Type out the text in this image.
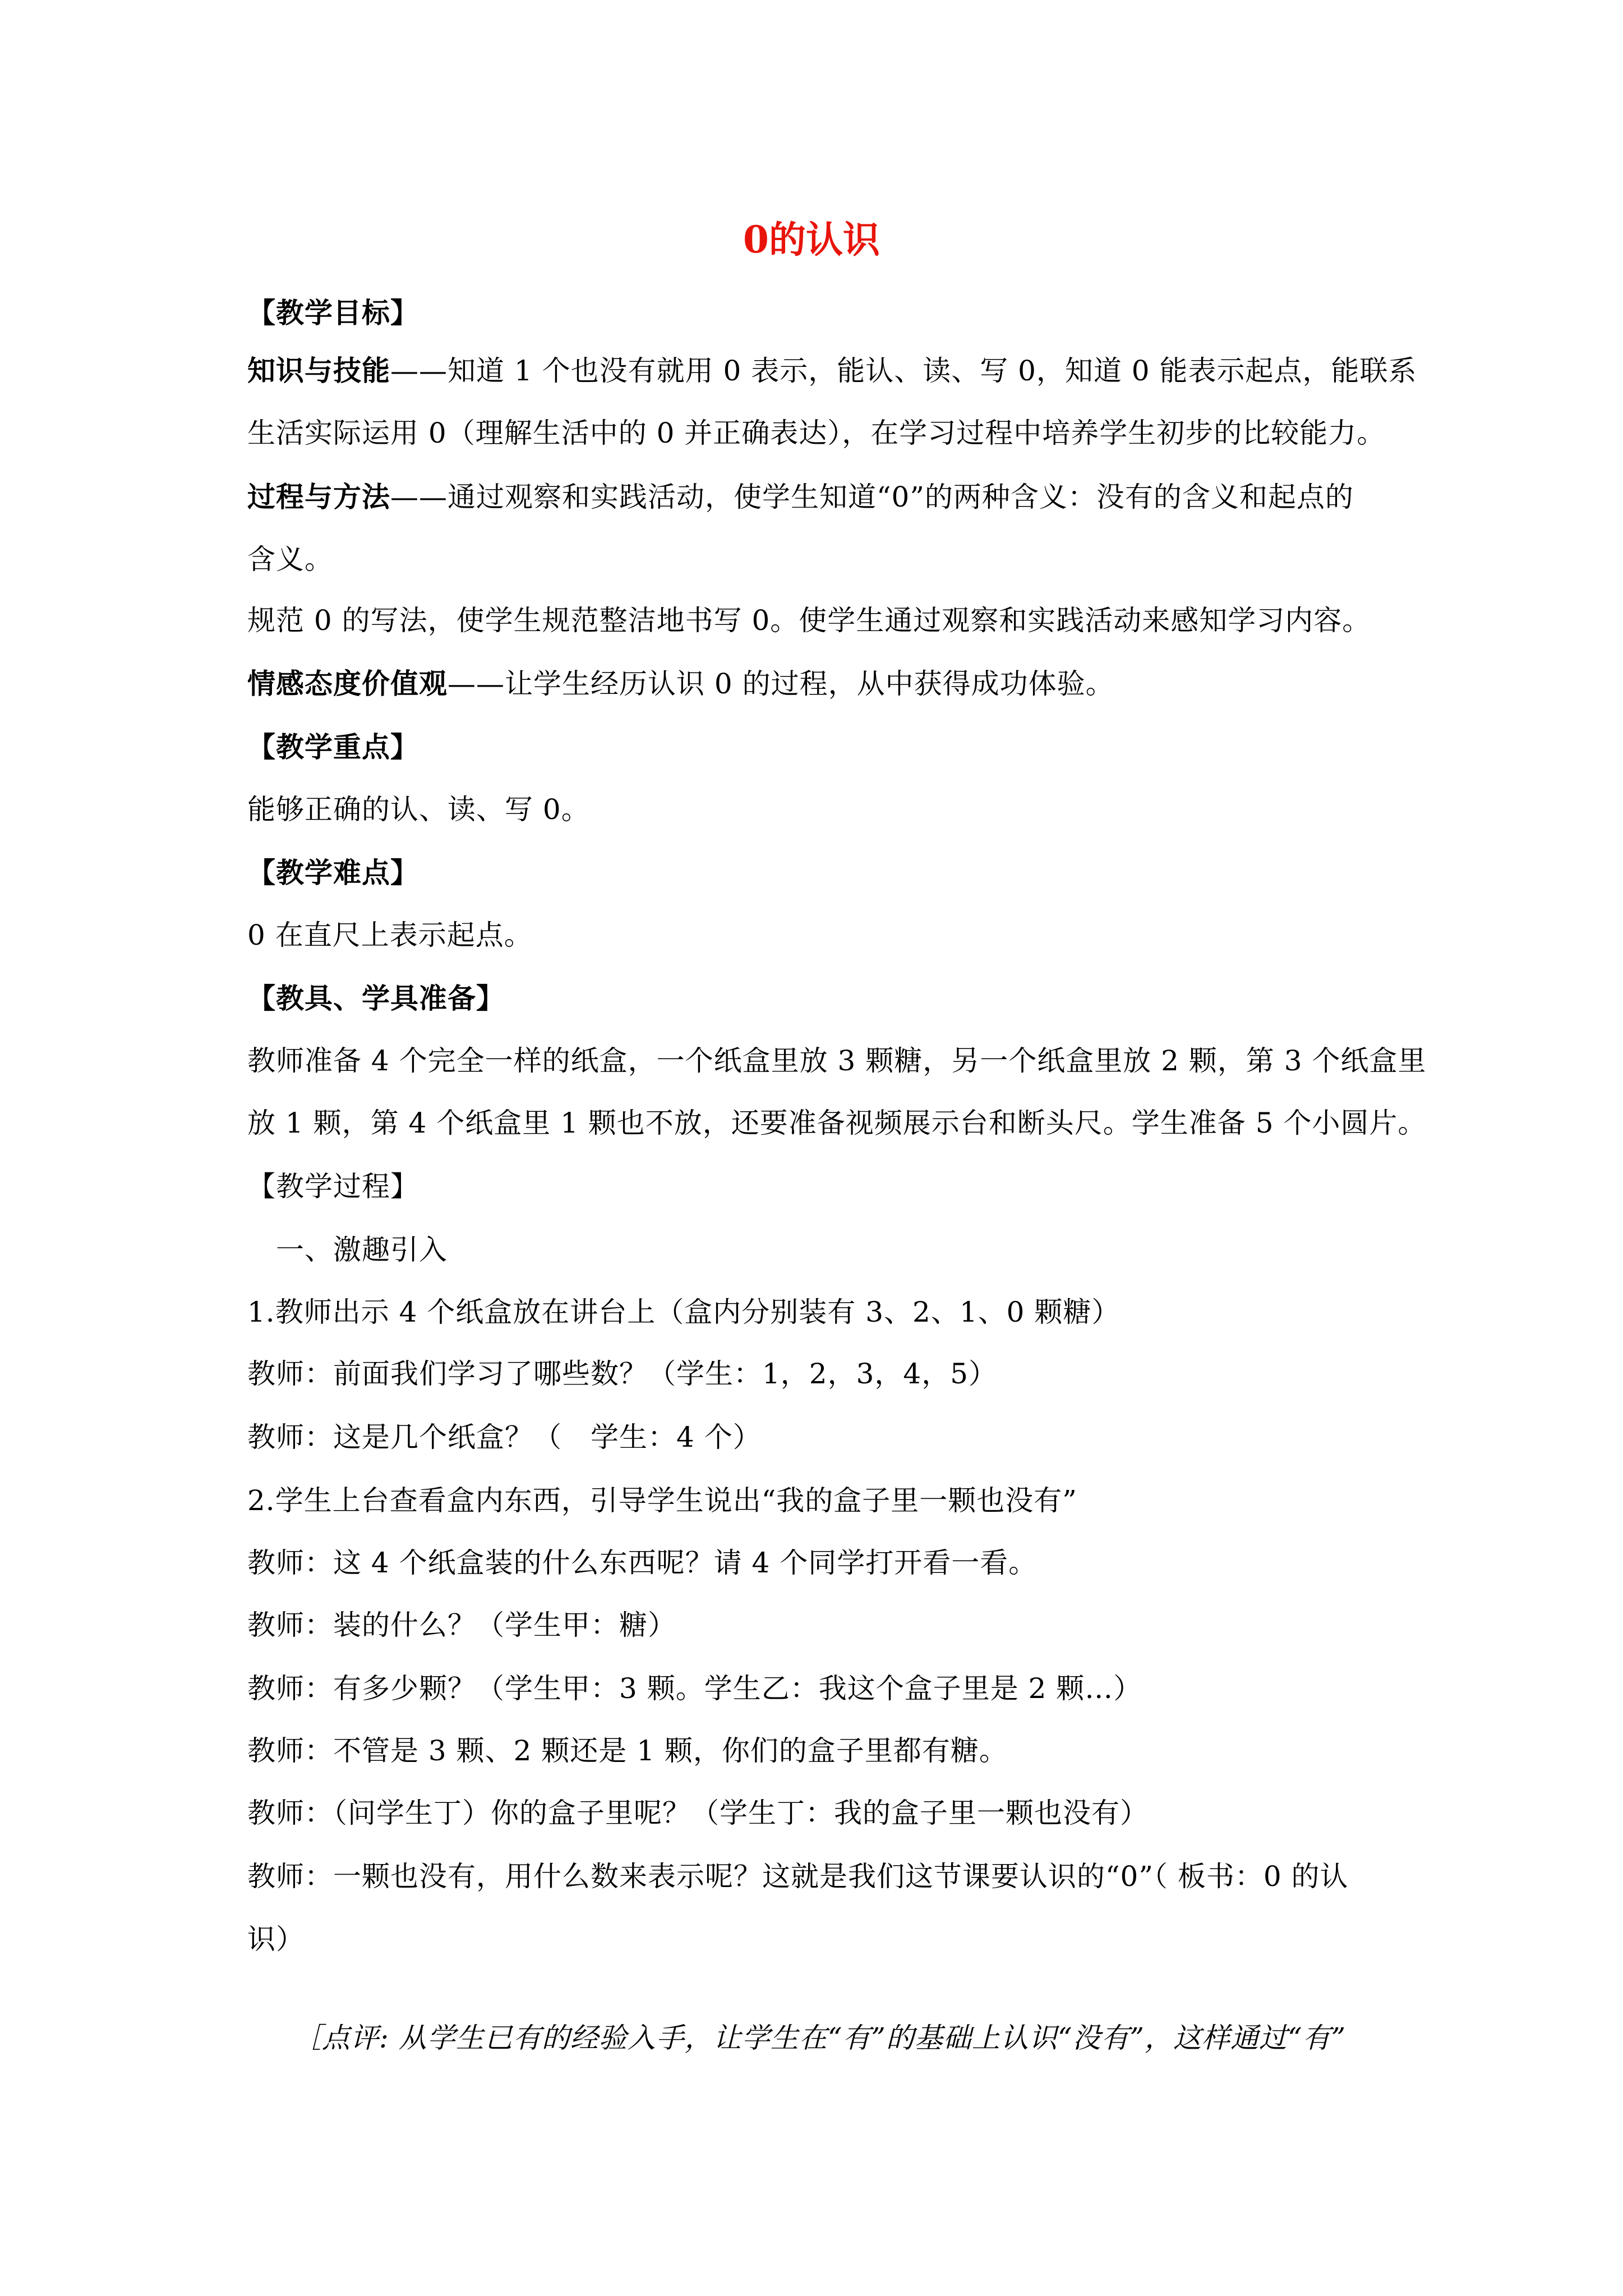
0的认识
【教学目标】
知识与技能——知道 1 个也没有就用 0 表示，能认、读、写 0，知道 0 能表示起点，能联系
生活实际运用 0（理解生活中的 0 并正确表达），在学习过程中培养学生初步的比较能力。
过程与方法——通过观察和实践活动，使学生知道“0”的两种含义：没有的含义和起点的
含义。
规范 0 的写法，使学生规范整洁地书写 0。使学生通过观察和实践活动来感知学习内容。
情感态度价值观——让学生经历认识 0 的过程，从中获得成功体验。
【教学重点】
能够正确的认、读、写 0。
【教学难点】
0 在直尺上表示起点。
【教具、学具准备】
教师准备 4 个完全一样的纸盒，一个纸盒里放 3 颗糖，另一个纸盒里放 2 颗，第 3 个纸盒里
放 1 颗，第 4 个纸盒里 1 颗也不放，还要准备视频展示台和断头尺。学生准备 5 个小圆片。
【教学过程】
　一、激趣引入
1.教师出示 4 个纸盒放在讲台上（盒内分别装有 3、2、1、0 颗糖）
教师：前面我们学习了哪些数？（学生：1，2，3，4，5）
教师：这是几个纸盒？（　学生：4 个）
2.学生上台查看盒内东西，引导学生说出“我的盒子里一颗也没有”
教师：这 4 个纸盒装的什么东西呢？请 4 个同学打开看一看。
教师：装的什么？（学生甲：糖）
教师：有多少颗？（学生甲：3 颗。学生乙：我这个盒子里是 2 颗…）
教师：不管是 3 颗、2 颗还是 1 颗，你们的盒子里都有糖。
教师：（问学生丁）你的盒子里呢？（学生丁：我的盒子里一颗也没有）
教师：一颗也没有，用什么数来表示呢？这就是我们这节课要认识的“0”（ 板书：0 的认
识）
［点评: 从学生已有的经验入手，让学生在“有”的基础上认识“没有”，这样通过“有”
